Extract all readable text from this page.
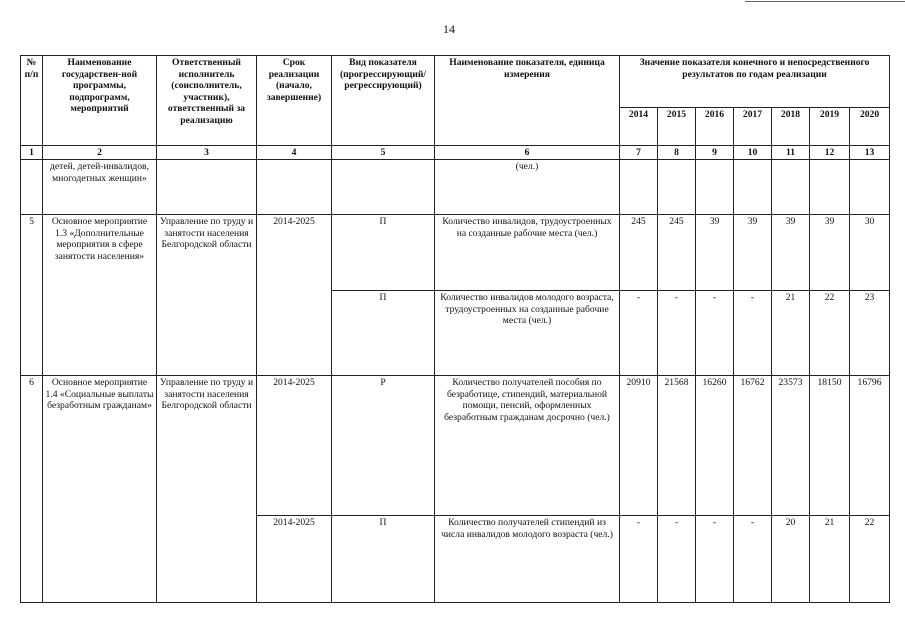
14
№ п/п	Наименование государствен-ной программы, подпрограмм, мероприятий	Ответственный исполнитель (соисполнитель, участник), ответственный за реализацию	Срок реализации (начало, завершение)	Вид показателя (прогрессирующий/ регрессирующий)	Наименование показателя, единица измерения	Значение показателя конечного и непосредственного результатов по годам реализации						
						2014	2015	2016	2017	2018	2019	2020
1	2	3	4	5	6	7	8	9	10	11	12	13
	детей, детей-инвалидов, многодетных женщин»				(чел.)							
5	Основное мероприятие 1.3 «Дополнительные мероприятия в сфере занятости населения»	Управление по труду и занятости населения Белгородской области	2014-2025	П	Количество инвалидов, трудоустроенных на созданные рабочие места (чел.)	245	245	39	39	39	39	30
				П	Количество инвалидов молодого возраста, трудоустроенных на созданные рабочие места (чел.)	-	-	-	-	21	22	23
6	Основное мероприятие 1.4 «Социальные выплаты безработным гражданам»	Управление по труду и занятости населения Белгородской области	2014-2025	Р	Количество получателей пособия по безработице, стипендий, материальной помощи, пенсий, оформленных безработным гражданам досрочно (чел.)	20910	21568	16260	16762	23573	18150	16796
			2014-2025	П	Количество получателей стипендий из числа инвалидов молодого возраста (чел.)	-	-	-	-	20	21	22
